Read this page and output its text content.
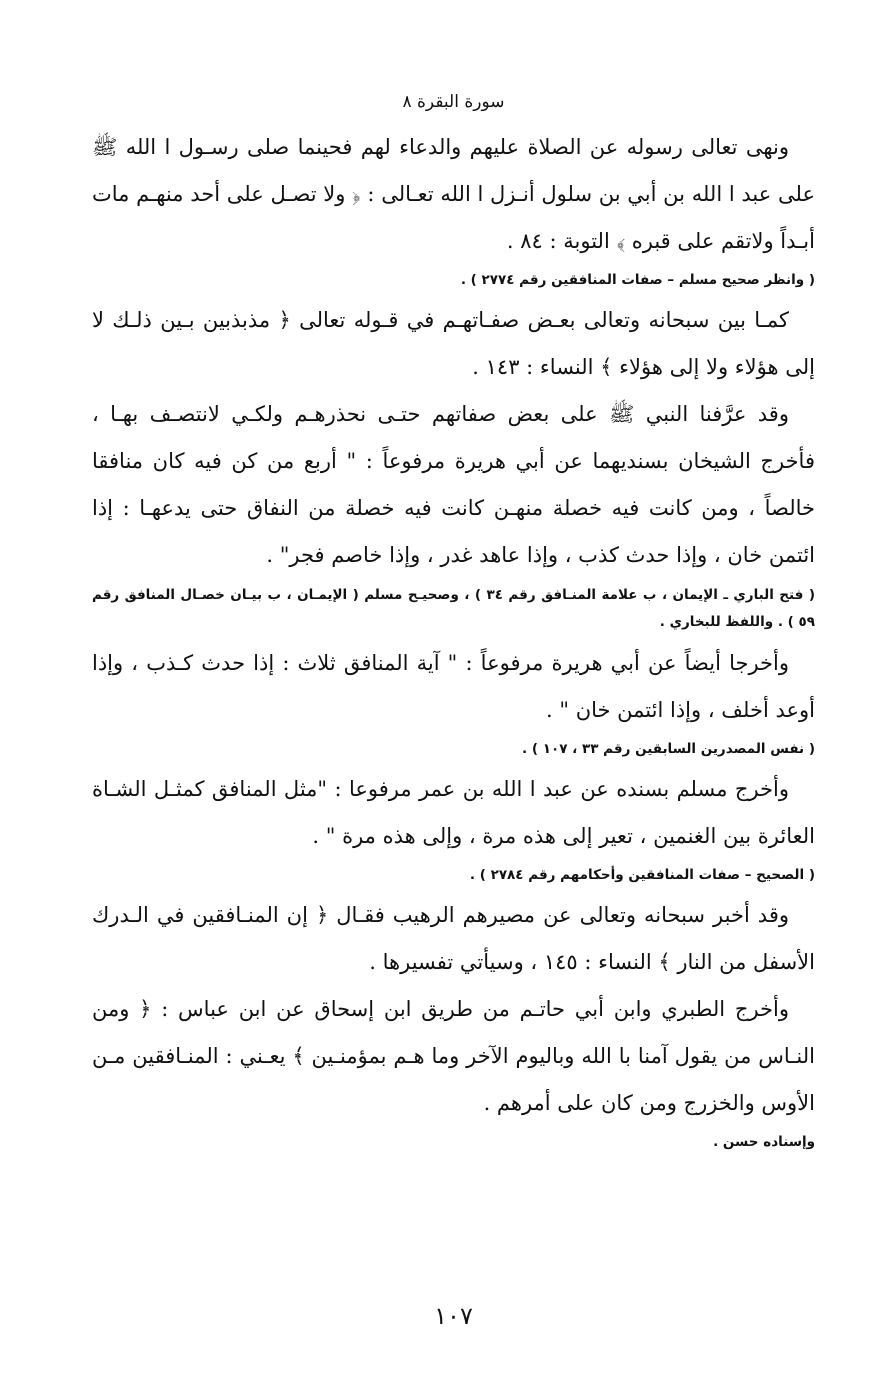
سورة البقرة ٨

ونهى تعالى رسوله عن الصلاة عليهم والدعاء لهم فحينما صلى رسـول ا الله ﷺ على عبد ا الله بن أبي بن سلول أنـزل ا الله تعـالى : ﴿ ولا تصـل على أحد منهـم مات أبـداً ولاتقم على قبره ﴾ التوبة : ٨٤ .

( وانظر صحيح مسلم – صفات المنافقين رقم ٢٧٧٤ ) .

كمـا بين سبحانه وتعالى بعـض صفـاتهـم في قـوله تعالى ﴿ مذبذبين بـين ذلـك لا إلى هؤلاء ولا إلى هؤلاء ﴾ النساء : ١٤٣ .

وقد عرَّفنا النبي ﷺ على بعض صفاتهم حتـى نحذرهـم ولكـي لانتصـف بهـا ، فأخرج الشيخان بسنديهما عن أبي هريرة مرفوعاً : " أربع من كن فيه كان منافقا خالصاً ، ومن كانت فيه خصلة منهـن كانت فيه خصلة من النفاق حتى يدعهـا : إذا ائتمن خان ، وإذا حدث كذب ، وإذا عاهد غدر ، وإذا خاصم فجر" .

( فتح الباري ـ الإيمان ، ب علامة المنـافق رقم ٣٤ ) ، وصحيـح مسلم ( الإيمـان ، ب بيـان خصـال المنافق رقم ٥٩ ) . واللفظ للبخاري .

وأخرجا أيضاً عن أبي هريرة مرفوعاً : " آية المنافق ثلاث : إذا حدث كـذب ، وإذا أوعد أخلف ، وإذا ائتمن خان " .

( نفس المصدرين السابقين رقم ٣٣ ، ١٠٧ ) .

وأخرج مسلم بسنده عن عبد ا الله بن عمر مرفوعا : "مثل المنافق كمثـل الشـاة العائرة بين الغنمين ، تعير إلى هذه مرة ، وإلى هذه مرة " .

( الصحيح – صفات المنافقين وأحكامهم رقم ٢٧٨٤ ) .

وقد أخبر سبحانه وتعالى عن مصيرهم الرهيب فقـال ﴿ إن المنـافقين في الـدرك الأسفل من النار ﴾ النساء : ١٤٥ ، وسيأتي تفسيرها .

وأخرج الطبري وابن أبي حاتـم من طريق ابن إسحاق عن ابن عباس : ﴿ ومن النـاس من يقول آمنا با الله وباليوم الآخر وما هـم بمؤمنـين ﴾ يعـني : المنـافقين مـن الأوس والخزرج ومن كان على أمرهم .

وإسناده حسن .
١٠٧
